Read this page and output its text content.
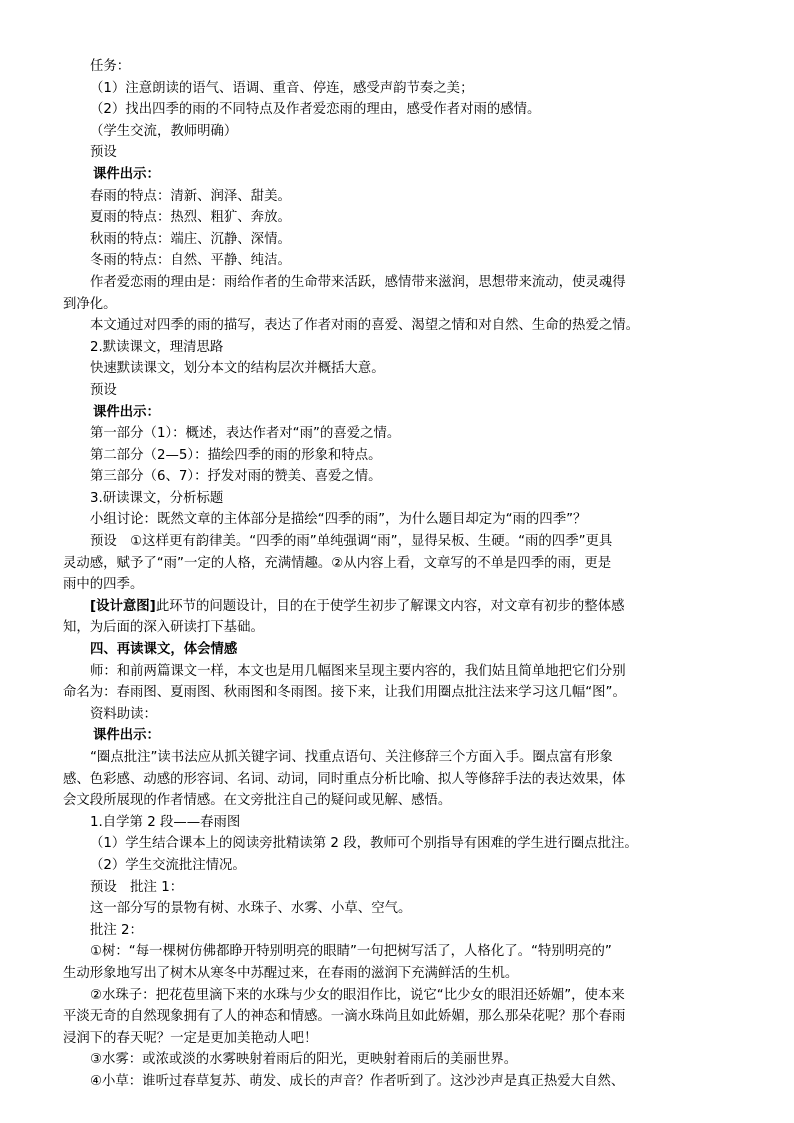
任务：
（1）注意朗读的语气、语调、重音、停连，感受声韵节奏之美；
（2）找出四季的雨的不同特点及作者爱恋雨的理由，感受作者对雨的感情。
（学生交流，教师明确）
预设
课件出示：
春雨的特点：清新、润泽、甜美。
夏雨的特点：热烈、粗犷、奔放。
秋雨的特点：端庄、沉静、深情。
冬雨的特点：自然、平静、纯洁。
作者爱恋雨的理由是：雨给作者的生命带来活跃，感情带来滋润，思想带来流动，使灵魂得
到净化。
本文通过对四季的雨的描写，表达了作者对雨的喜爱、渴望之情和对自然、生命的热爱之情。
2.默读课文，理清思路
快速默读课文，划分本文的结构层次并概括大意。
预设
课件出示：
第一部分（1）：概述，表达作者对“雨”的喜爱之情。
第二部分（2—5）：描绘四季的雨的形象和特点。
第三部分（6、7）：抒发对雨的赞美、喜爱之情。
3.研读课文，分析标题
小组讨论：既然文章的主体部分是描绘“四季的雨”，为什么题目却定为“雨的四季”？
预设　①这样更有韵律美。“四季的雨”单纯强调“雨”，显得呆板、生硬。“雨的四季”更具
灵动感，赋予了“雨”一定的人格，充满情趣。②从内容上看，文章写的不单是四季的雨，更是
雨中的四季。
[设计意图]此环节的问题设计，目的在于使学生初步了解课文内容，对文章有初步的整体感
知，为后面的深入研读打下基础。
四、再读课文，体会情感
师：和前两篇课文一样，本文也是用几幅图来呈现主要内容的，我们姑且简单地把它们分别
命名为：春雨图、夏雨图、秋雨图和冬雨图。接下来，让我们用圈点批注法来学习这几幅“图”。
资料助读：
课件出示：
“圈点批注”读书法应从抓关键字词、找重点语句、关注修辞三个方面入手。圈点富有形象
感、色彩感、动感的形容词、名词、动词，同时重点分析比喻、拟人等修辞手法的表达效果，体
会文段所展现的作者情感。在文旁批注自己的疑问或见解、感悟。
1.自学第 2 段——春雨图
（1）学生结合课本上的阅读旁批精读第 2 段，教师可个别指导有困难的学生进行圈点批注。
（2）学生交流批注情况。
预设　批注 1：
这一部分写的景物有树、水珠子、水雾、小草、空气。
批注 2：
①树：“每一棵树仿佛都睁开特别明亮的眼睛”一句把树写活了，人格化了。“特别明亮的”
生动形象地写出了树木从寒冬中苏醒过来，在春雨的滋润下充满鲜活的生机。
②水珠子：把花苞里滴下来的水珠与少女的眼泪作比，说它“比少女的眼泪还娇媚”，使本来
平淡无奇的自然现象拥有了人的神态和情感。一滴水珠尚且如此娇媚，那么那朵花呢？那个春雨
浸润下的春天呢？一定是更加美艳动人吧！
③水雾：或浓或淡的水雾映射着雨后的阳光，更映射着雨后的美丽世界。
④小草：谁听过春草复苏、萌发、成长的声音？作者听到了。这沙沙声是真正热爱大自然、
